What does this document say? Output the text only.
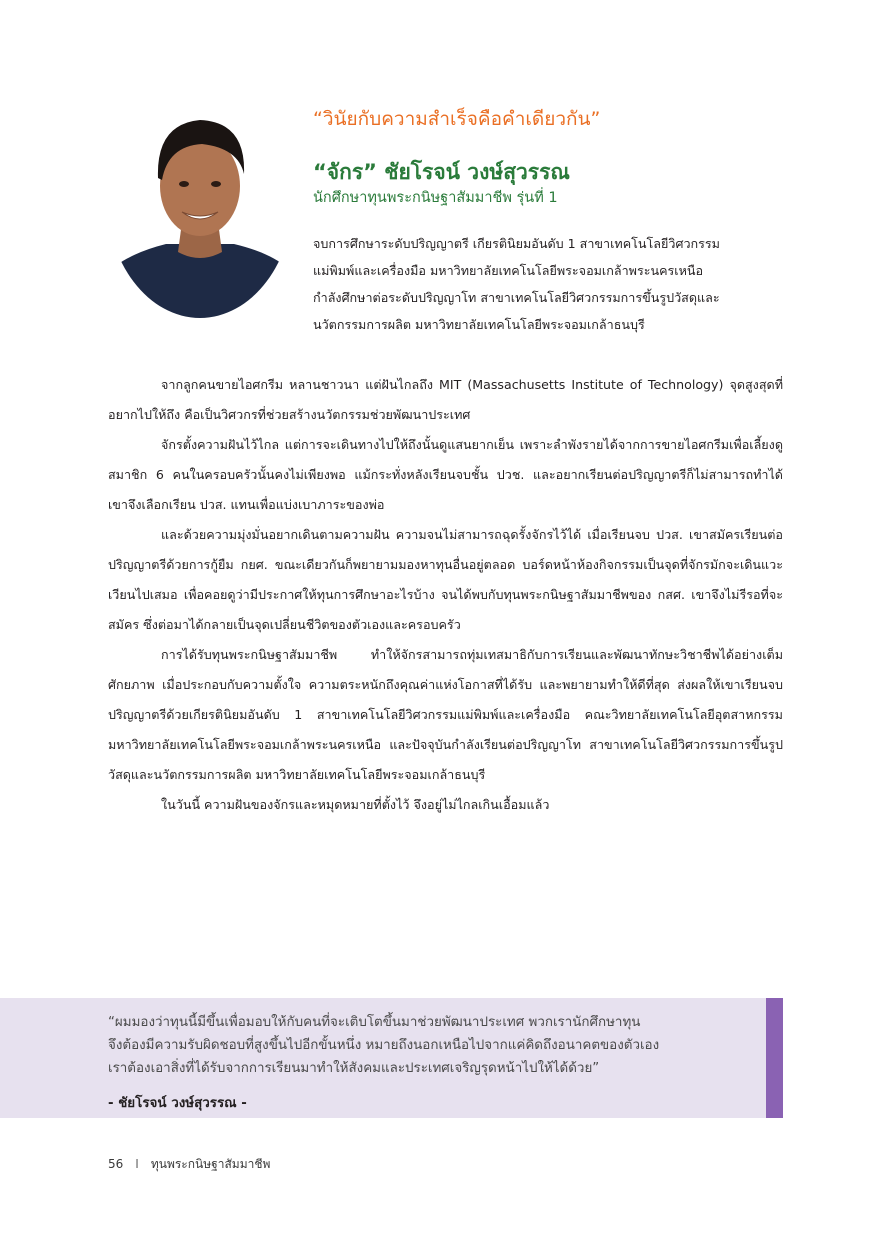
“วินัยกับความสำเร็จคือคำเดียวกัน”
“จักร” ชัยโรจน์ วงษ์สุวรรณ
นักศึกษาทุนพระกนิษฐาสัมมาชีพ รุ่นที่ 1
จบการศึกษาระดับปริญญาตรี เกียรตินิยมอันดับ 1 สาขาเทคโนโลยีวิศวกรรม
แม่พิมพ์และเครื่องมือ มหาวิทยาลัยเทคโนโลยีพระจอมเกล้าพระนครเหนือ
กำลังศึกษาต่อระดับปริญญาโท สาขาเทคโนโลยีวิศวกรรมการขึ้นรูปวัสดุและ
นวัตกรรมการผลิต มหาวิทยาลัยเทคโนโลยีพระจอมเกล้าธนบุรี

จากลูกคนขายไอศกรีม หลานชาวนา แต่ฝันไกลถึง MIT (Massachusetts Institute of Technology) จุดสูงสุดที่อยากไปให้ถึง คือเป็นวิศวกรที่ช่วยสร้างนวัตกรรมช่วยพัฒนาประเทศ

จักรตั้งความฝันไว้ไกล แต่การจะเดินทางไปให้ถึงนั้นดูแสนยากเย็น เพราะลำพังรายได้จากการขายไอศกรีมเพื่อเลี้ยงดูสมาชิก 6 คนในครอบครัวนั้นคงไม่เพียงพอ แม้กระทั่งหลังเรียนจบชั้น ปวช. และอยากเรียนต่อปริญญาตรีก็ไม่สามารถทำได้ เขาจึงเลือกเรียน ปวส. แทนเพื่อแบ่งเบาภาระของพ่อ

และด้วยความมุ่งมั่นอยากเดินตามความฝัน ความจนไม่สามารถฉุดรั้งจักรไว้ได้ เมื่อเรียนจบ ปวส. เขาสมัครเรียนต่อปริญญาตรีด้วยการกู้ยืม กยศ. ขณะเดียวกันก็พยายามมองหาทุนอื่นอยู่ตลอด บอร์ดหน้าห้องกิจกรรมเป็นจุดที่จักรมักจะเดินแวะเวียนไปเสมอ เพื่อคอยดูว่ามีประกาศให้ทุนการศึกษาอะไรบ้าง จนได้พบกับทุนพระกนิษฐาสัมมาชีพของ กสศ. เขาจึงไม่รีรอที่จะสมัคร ซึ่งต่อมาได้กลายเป็นจุดเปลี่ยนชีวิตของตัวเองและครอบครัว

การได้รับทุนพระกนิษฐาสัมมาชีพ ทำให้จักรสามารถทุ่มเทสมาธิกับการเรียนและพัฒนาทักษะวิชาชีพได้อย่างเต็มศักยภาพ เมื่อประกอบกับความตั้งใจ ความตระหนักถึงคุณค่าแห่งโอกาสที่ได้รับ และพยายามทำให้ดีที่สุด ส่งผลให้เขาเรียนจบปริญญาตรีด้วยเกียรตินิยมอันดับ 1 สาขาเทคโนโลยีวิศวกรรมแม่พิมพ์และเครื่องมือ คณะวิทยาลัยเทคโนโลยีอุตสาหกรรม มหาวิทยาลัยเทคโนโลยีพระจอมเกล้าพระนครเหนือ และปัจจุบันกำลังเรียนต่อปริญญาโท สาขาเทคโนโลยีวิศวกรรมการขึ้นรูปวัสดุและนวัตกรรมการผลิต มหาวิทยาลัยเทคโนโลยีพระจอมเกล้าธนบุรี

ในวันนี้ ความฝันของจักรและหมุดหมายที่ตั้งไว้ จึงอยู่ไม่ไกลเกินเอื้อมแล้ว

“ผมมองว่าทุนนี้มีขึ้นเพื่อมอบให้กับคนที่จะเติบโตขึ้นมาช่วยพัฒนาประเทศ พวกเรานักศึกษาทุน
จึงต้องมีความรับผิดชอบที่สูงขึ้นไปอีกขั้นหนึ่ง หมายถึงนอกเหนือไปจากแค่คิดถึงอนาคตของตัวเอง
เราต้องเอาสิ่งที่ได้รับจากการเรียนมาทำให้สังคมและประเทศเจริญรุดหน้าไปให้ได้ด้วย”
- ชัยโรจน์ วงษ์สุวรรณ -
56 I ทุนพระกนิษฐาสัมมาชีพ
